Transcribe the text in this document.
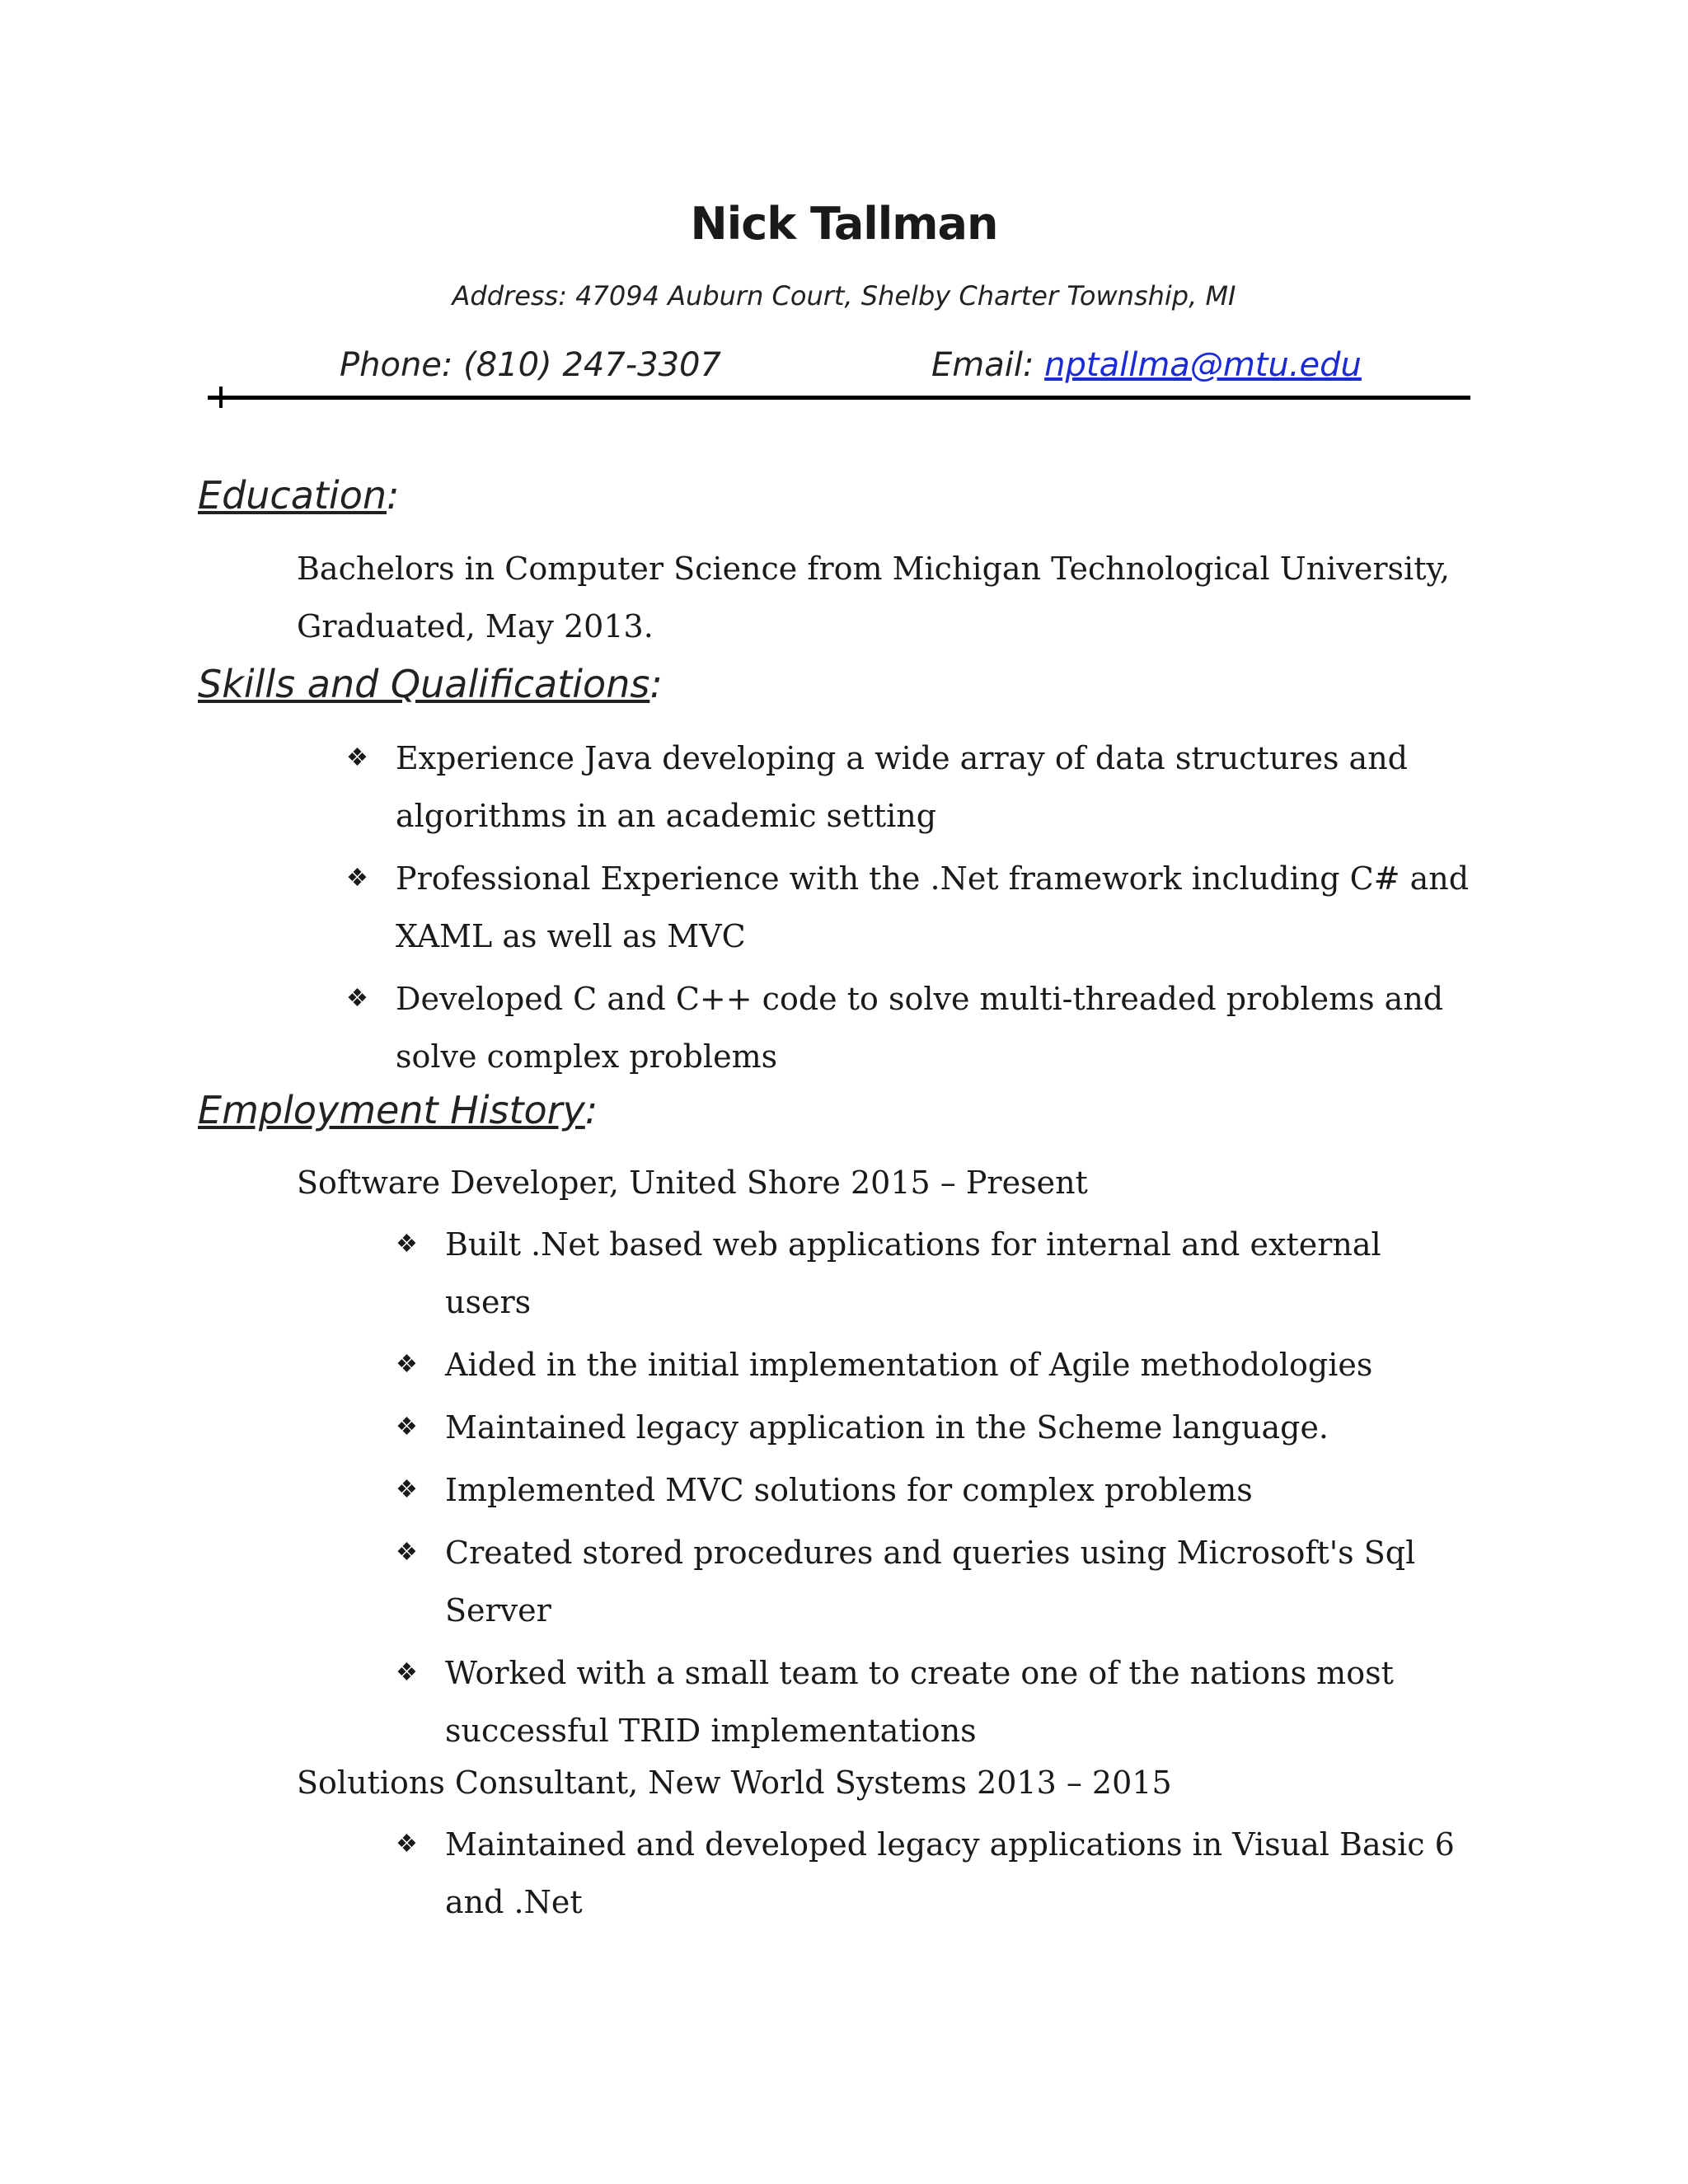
Nick Tallman
Address: 47094 Auburn Court, Shelby Charter Township, MI
Phone: (810) 247-3307	Email: nptallma@mtu.edu
Education:
Bachelors in Computer Science from Michigan Technological University,
Graduated, May 2013.
Skills and Qualifications:
❖ Experience Java developing a wide array of data structures and
algorithms in an academic setting
❖ Professional Experience with the .Net framework including C# and
XAML as well as MVC
❖ Developed C and C++ code to solve multi-threaded problems and
solve complex problems
Employment History:
Software Developer, United Shore 2015 – Present
❖ Built .Net based web applications for internal and external
users
❖ Aided in the initial implementation of Agile methodologies
❖ Maintained legacy application in the Scheme language.
❖ Implemented MVC solutions for complex problems
❖ Created stored procedures and queries using Microsoft's Sql
Server
❖ Worked with a small team to create one of the nations most
successful TRID implementations
Solutions Consultant, New World Systems 2013 – 2015
❖ Maintained and developed legacy applications in Visual Basic 6
and .Net
